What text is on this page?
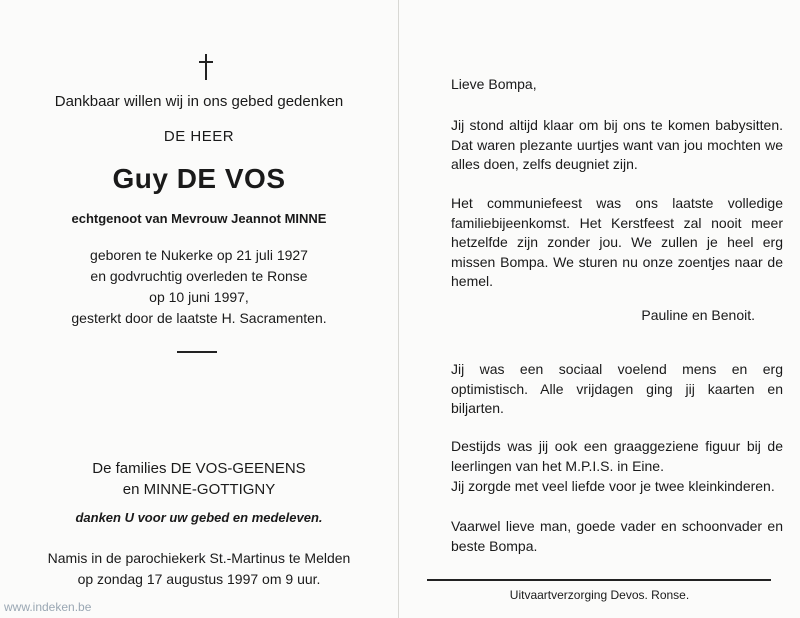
Dankbaar willen wij in ons gebed gedenken
DE HEER
Guy DE VOS
echtgenoot van Mevrouw Jeannot MINNE
geboren te Nukerke op 21 juli 1927
en godvruchtig overleden te Ronse
op 10 juni 1997,
gesterkt door de laatste H. Sacramenten.
De families DE VOS-GEENENS
en MINNE-GOTTIGNY
danken U voor uw gebed en medeleven.
Namis in de parochiekerk St.-Martinus te Melden
op zondag 17 augustus 1997 om 9 uur.
Lieve Bompa,

Jij stond altijd klaar om bij ons te komen babysitten. Dat waren plezante uurtjes want van jou mochten we alles doen, zelfs deugniet zijn.

Het communiefeest was ons laatste volledige familiebijeenkomst. Het Kerstfeest zal nooit meer hetzelfde zijn zonder jou. We zullen je heel erg missen Bompa. We sturen nu onze zoentjes naar de hemel.

Pauline en Benoit.

Jij was een sociaal voelend mens en erg optimistisch. Alle vrijdagen ging jij kaarten en biljarten.

Destijds was jij ook een graaggeziene figuur bij de leerlingen van het M.P.I.S. in Eine.

Jij zorgde met veel liefde voor je twee kleinkinderen.

Vaarwel lieve man, goede vader en schoonvader en beste Bompa.

Uitvaartverzorging Devos. Ronse.
www.indeken.be
